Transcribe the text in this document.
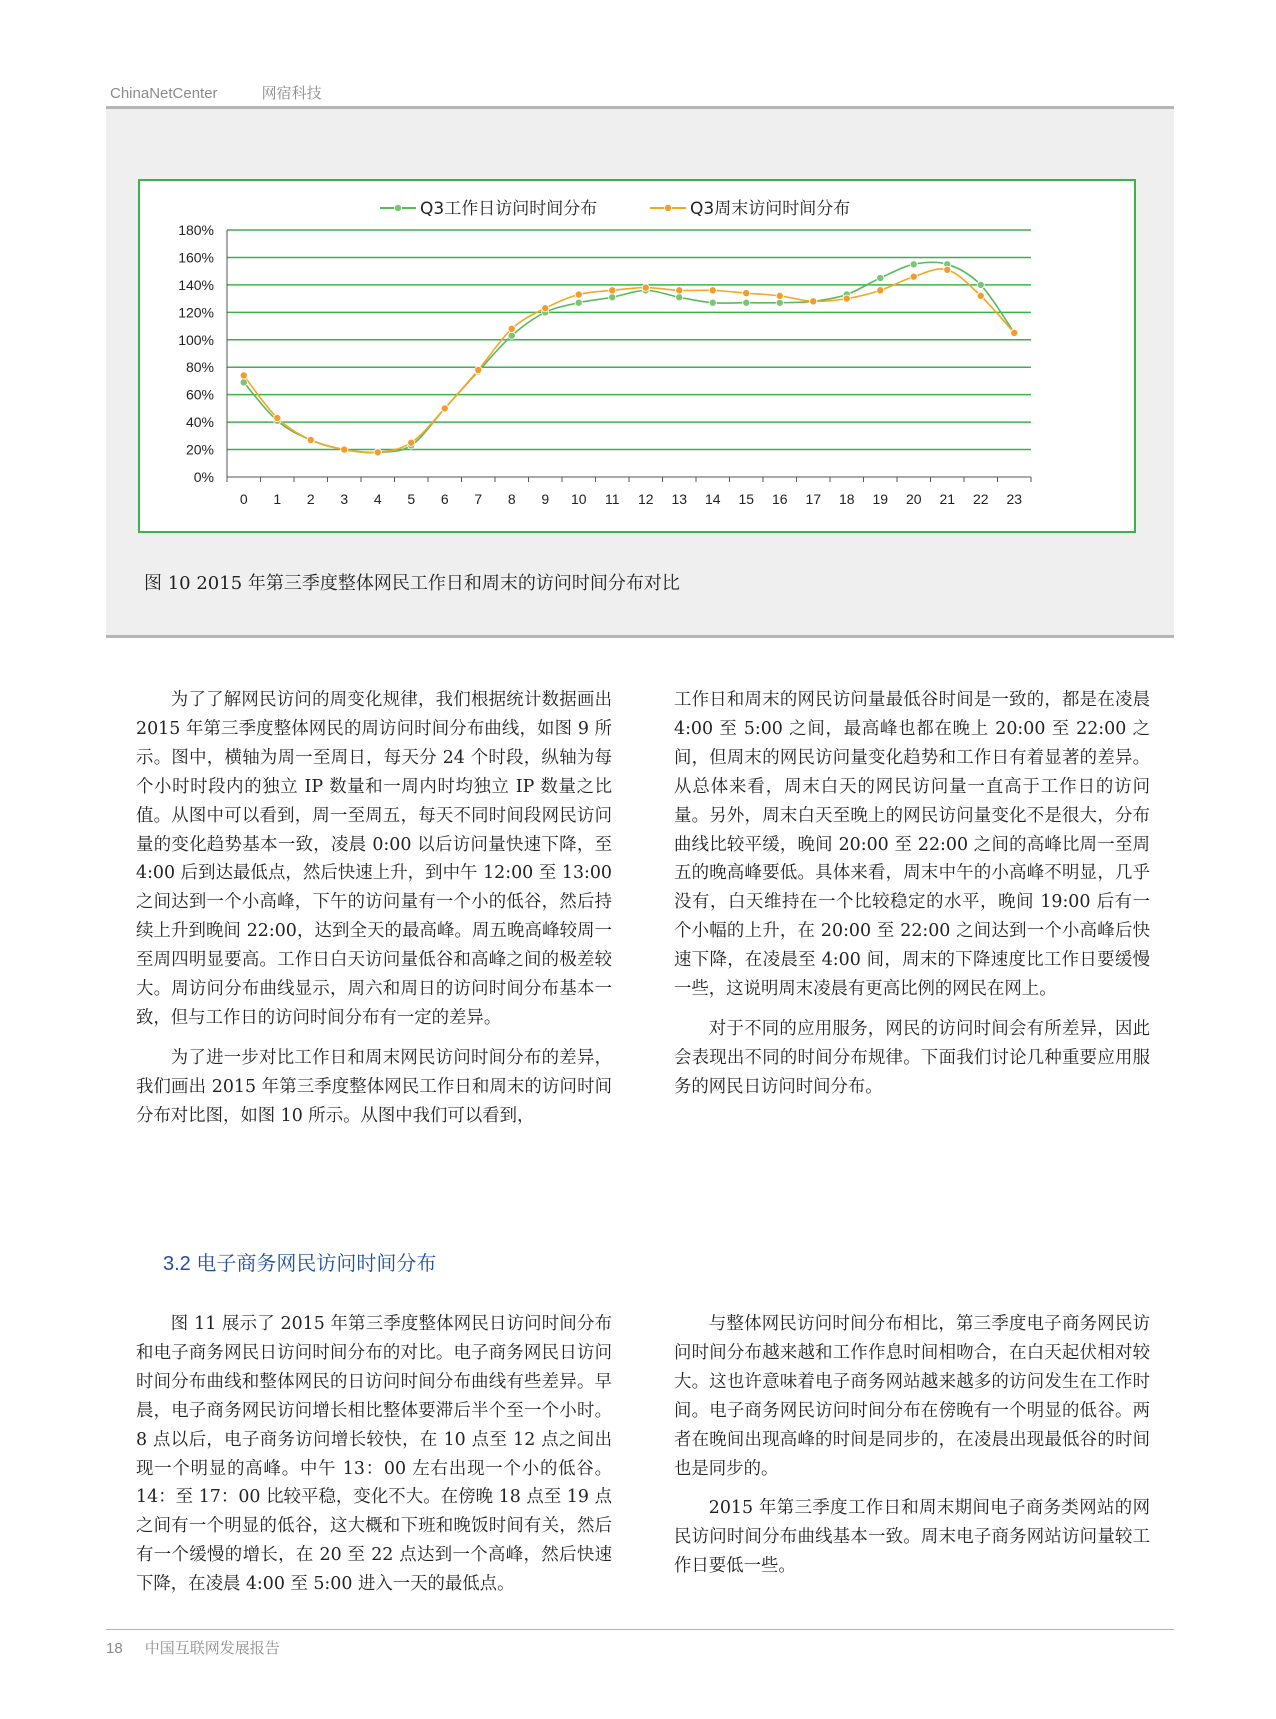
ChinaNetCenter	网宿科技
0%
20%
40%
60%
80%
100%
120%
140%
160%
180%
0 1 2 3 4 5 6 7 8 9 10 11 12 13 14 15 16 17 18 19 20 21 22 23
Q3工作日访问时间分布	Q3周末访问时间分布
图 10 2015 年第三季度整体网民工作日和周末的访问时间分布对比

为了了解网民访问的周变化规律，我们根据统计数据画出 2015 年第三季度整体网民的周访问时间分布曲线，如图 9 所示。图中，横轴为周一至周日，每天分 24 个时段，纵轴为每个小时时段内的独立 IP 数量和一周内时均独立 IP 数量之比值。从图中可以看到，周一至周五，每天不同时间段网民访问量的变化趋势基本一致，凌晨 0:00 以后访问量快速下降，至 4:00 后到达最低点，然后快速上升，到中午 12:00 至 13:00 之间达到一个小高峰，下午的访问量有一个小的低谷，然后持续上升到晚间 22:00，达到全天的最高峰。周五晚高峰较周一至周四明显要高。工作日白天访问量低谷和高峰之间的极差较大。周访问分布曲线显示，周六和周日的访问时间分布基本一致，但与工作日的访问时间分布有一定的差异。

为了进一步对比工作日和周末网民访问时间分布的差异，我们画出 2015 年第三季度整体网民工作日和周末的访问时间分布对比图，如图 10 所示。从图中我们可以看到，

工作日和周末的网民访问量最低谷时间是一致的，都是在凌晨 4:00 至 5:00 之间，最高峰也都在晚上 20:00 至 22:00 之间，但周末的网民访问量变化趋势和工作日有着显著的差异。从总体来看，周末白天的网民访问量一直高于工作日的访问量。另外，周末白天至晚上的网民访问量变化不是很大，分布曲线比较平缓，晚间 20:00 至 22:00 之间的高峰比周一至周五的晚高峰要低。具体来看，周末中午的小高峰不明显，几乎没有，白天维持在一个比较稳定的水平，晚间 19:00 后有一个小幅的上升，在 20:00 至 22:00 之间达到一个小高峰后快速下降，在凌晨至 4:00 间，周末的下降速度比工作日要缓慢一些，这说明周末凌晨有更高比例的网民在网上。

对于不同的应用服务，网民的访问时间会有所差异，因此会表现出不同的时间分布规律。下面我们讨论几种重要应用服务的网民日访问时间分布。

3.2 电子商务网民访问时间分布

图 11 展示了 2015 年第三季度整体网民日访问时间分布和电子商务网民日访问时间分布的对比。电子商务网民日访问时间分布曲线和整体网民的日访问时间分布曲线有些差异。早晨，电子商务网民访问增长相比整体要滞后半个至一个小时。8 点以后，电子商务访问增长较快，在 10 点至 12 点之间出现一个明显的高峰。中午 13：00 左右出现一个小的低谷。14：至 17：00 比较平稳，变化不大。在傍晚 18 点至 19 点之间有一个明显的低谷，这大概和下班和晚饭时间有关，然后有一个缓慢的增长，在 20 至 22 点达到一个高峰，然后快速下降，在凌晨 4:00 至 5:00 进入一天的最低点。

与整体网民访问时间分布相比，第三季度电子商务网民访问时间分布越来越和工作作息时间相吻合，在白天起伏相对较大。这也许意味着电子商务网站越来越多的访问发生在工作时间。电子商务网民访问时间分布在傍晚有一个明显的低谷。两者在晚间出现高峰的时间是同步的，在凌晨出现最低谷的时间也是同步的。

2015 年第三季度工作日和周末期间电子商务类网站的网民访问时间分布曲线基本一致。周末电子商务网站访问量较工作日要低一些。

18 中国互联网发展报告
